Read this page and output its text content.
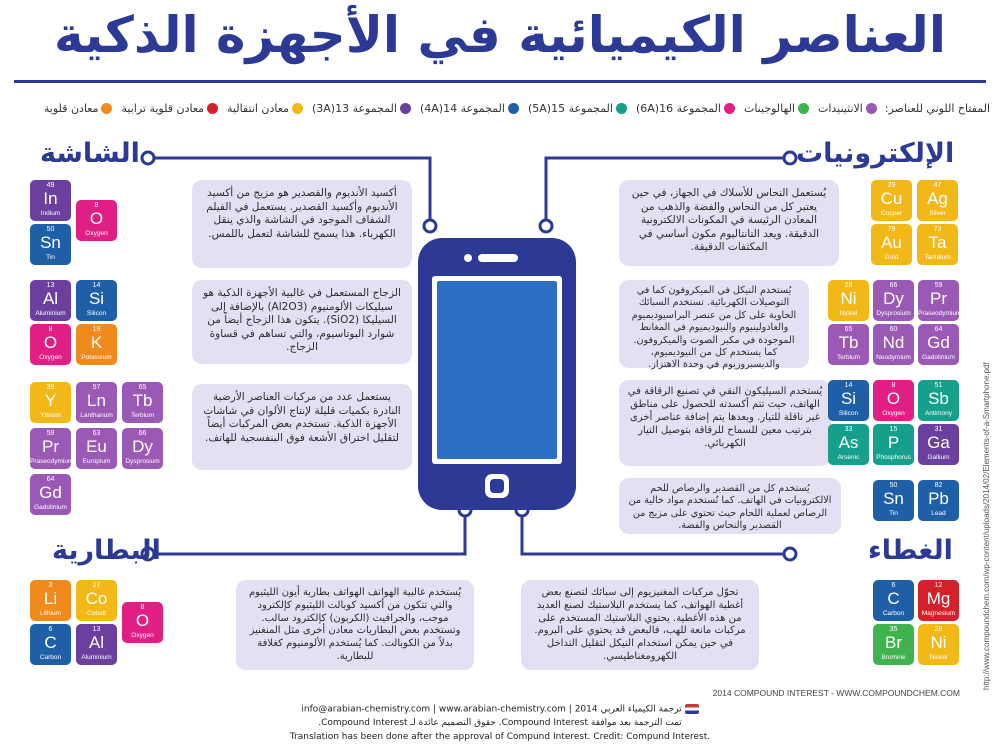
العناصر الكيميائية في الأجهزة الذكية
المفتاح اللوني للعناصر:
الانثينيدات
الهالوجينات
المجموعة 16(6A)
المجموعة 15(5A)
المجموعة 14(4A)
المجموعة 13(3A)
معادن انتقالية
معادن قلوية ترابية
معادن قلوية
الشاشة	الإلكترونيات
البطارية	الغطاء
49
In
Indium
8
O
Oxygen
50
Sn
Tin
أكسيد الأنديوم والقصدير هو مزيج من أكسيد الأنديوم وأكسيد القصدير. يستعمل في الفيلم الشفاف الموجود في الشاشة والذي ينقل الكهرباء. هذا يسمح للشاشة لتعمل باللمس.
13
Al
Aluminium
14
Si
Silicon
8
O
Oxygen
19
K
Potassium
الزجاج المستعمل في غالبية الأجهزة الذكية هو سيليكات الألومنيوم (Al2O3) بالإضافة إلى السيليكا (SiO2). يتكون هذا الزجاج أيضاً من شوارد البوتاسيوم، والتي تساهم في قساوة الزجاج.
39
Y
Yttrium
57
Ln
Lanthanum
65
Tb
Terbium
59
Pr
Praseodymium
63
Eu
Europium
66
Dy
Dysprosium
64
Gd
Gadolinium
يستعمل عدد من مركبات العناصر الأرضية النادرة بكميات قليلة لإنتاج الألوان في شاشات الأجهزة الذكية. تستخدم بعض المركبات أيضاً لتقليل اختراق الأشعة فوق البنفسجية للهاتف.
يُستعمل النحاس للأسلاك في الجهاز، في حين يعتبر كل من النحاس والفضة والذهب من المعادن الرئيسة في المكونات الالكترونية الدقيقة. ويعد التانتاليوم مكون أساسي في المكثفات الدقيقة.
29
Cu
Copper
47
Ag
Silver
79
Au
Gold
73
Ta
Tantalum
يُستخدم النيكل في الميكروفون كما في التوصيلات الكهربائية. تستخدم السبائك الحاوية على كل من عنصر البراسيوديميوم والغادولينيوم والنيوديميوم في المغانط الموجودة في مكبر الصوت والميكروفون. كما يستخدم كل من النيوديميوم، والديسبروزيوم في وحدة الاهتزاز.
28
Ni
Nickel
66
Dy
Dysprosium
59
Pr
Praseodymium
65
Tb
Terbium
60
Nd
Neodymium
64
Gd
Gadolinium
يُستخدم السيليكون النقي في تصنيع الرقاقة في الهاتف، حيث تتم أكسدته للحصول على مناطق غير ناقلة للتيار. وبعدها يتم إضافة عناصر أخرى بترتيب معين للسماح للرقاقة بتوصيل التيار الكهربائي.
14
Si
Silicon
8
O
Oxygen
51
Sb
Antimony
33
As
Arsenic
15
P
Phosphorus
31
Ga
Gallium
يُستخدم كل من القصدير والرصاص للحم الالكترونيات في الهاتف. كما تُستخدم مواد خالية من الرصاص لعملية اللحام حيث تحتوي على مزيج من القصدير والنحاس والفضة.
50
Sn
Tin
82
Pb
Lead
3
Li
Lithium
27
Co
Cobalt
6
C
Carbon
13
Al
Aluminium
8
O
Oxygen
يُستخدم غالبية الهواتف الهواتف بطارية أيون الليثيوم والتي تتكون من أكسيد كوبالت الليثيوم كإلكترود موجب، والجرافيت (الكربون) كإلكترود سالب. وتستخدم بعض البطاريات معادن أخرى مثل المنغنيز بدلاً من الكوبالت. كما يُستخدم الألومنيوم كغلافة للبطارية.
تحوّل مركبات المغنيزيوم إلى سبائك لتصنع بعض أغطية الهواتف، كما يستخدم البلاستيك لصنع العديد من هذه الأغطية. يحتوي البلاستيك المستخدم على مركبات مانعة للهب، فالبعض قد يحتوي على البروم. في حين يمكن استخدام النيكل لتقليل التداخل الكهرومغناطيسي.
6
C
Carbon
12
Mg
Magnesium
35
Br
Bromine
28
Ni
Nickel	http://www.compoundchem.com/wp-content/uploads/2014/02/Elements-of-a-Smartphone.pdf
2014 COMPOUND INTEREST - WWW.COMPOUNDCHEM.COM
ترجمة الكيمياء العربي 2014 | info@arabian-chemistry.com | www.arabian-chemistry.com
تمت الترجمة بعد موافقة Compound Interest. حقوق التصميم عائدة لـ Compound Interest.
Translation has been done after the approval of Compund Interest. Credit: Compund Interest.
